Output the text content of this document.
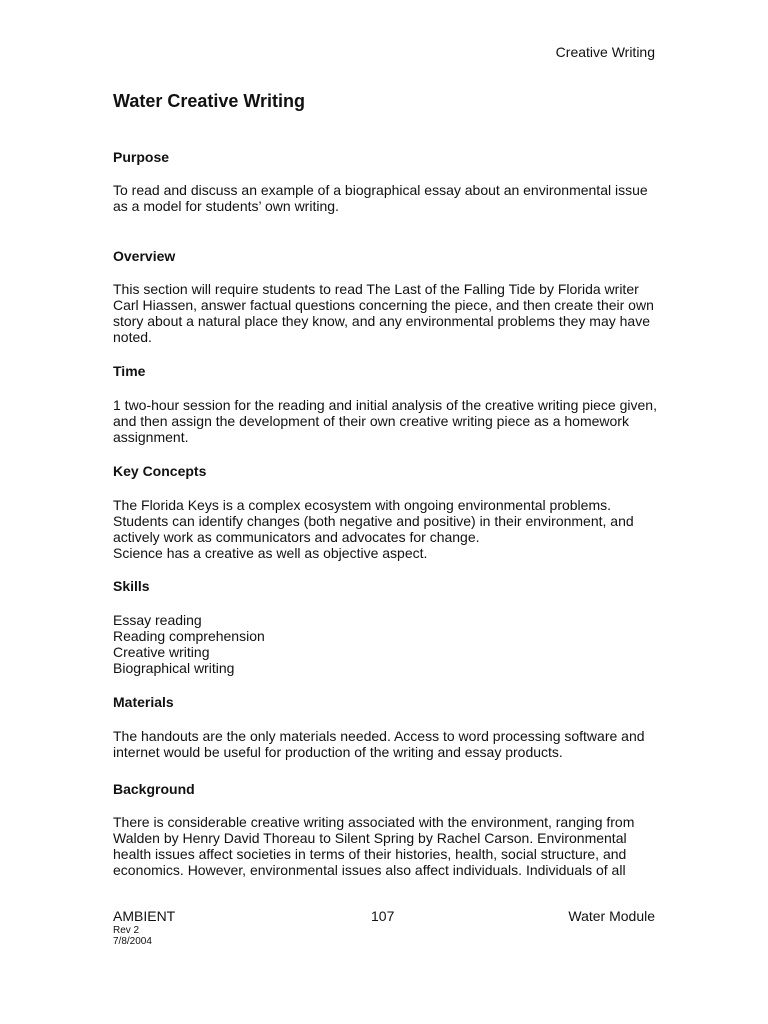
Creative Writing
Water Creative Writing
Purpose

To read and discuss an example of a biographical essay about an environmental issue
as a model for students’ own writing.

Overview

This section will require students to read The Last of the Falling Tide by Florida writer
Carl Hiassen, answer factual questions concerning the piece, and then create their own
story about a natural place they know, and any environmental problems they may have
noted.

Time

1 two-hour session for the reading and initial analysis of the creative writing piece given,
and then assign the development of their own creative writing piece as a homework
assignment.

Key Concepts

The Florida Keys is a complex ecosystem with ongoing environmental problems.
Students can identify changes (both negative and positive) in their environment, and
actively work as communicators and advocates for change.
Science has a creative as well as objective aspect.

Skills

Essay reading
Reading comprehension
Creative writing
Biographical writing

Materials

The handouts are the only materials needed. Access to word processing software and
internet would be useful for production of the writing and essay products.

Background

There is considerable creative writing associated with the environment, ranging from
Walden by Henry David Thoreau to Silent Spring by Rachel Carson. Environmental
health issues affect societies in terms of their histories, health, social structure, and
economics. However, environmental issues also affect individuals. Individuals of all

AMBIENT	107	Water Module
Rev 2
7/8/2004
